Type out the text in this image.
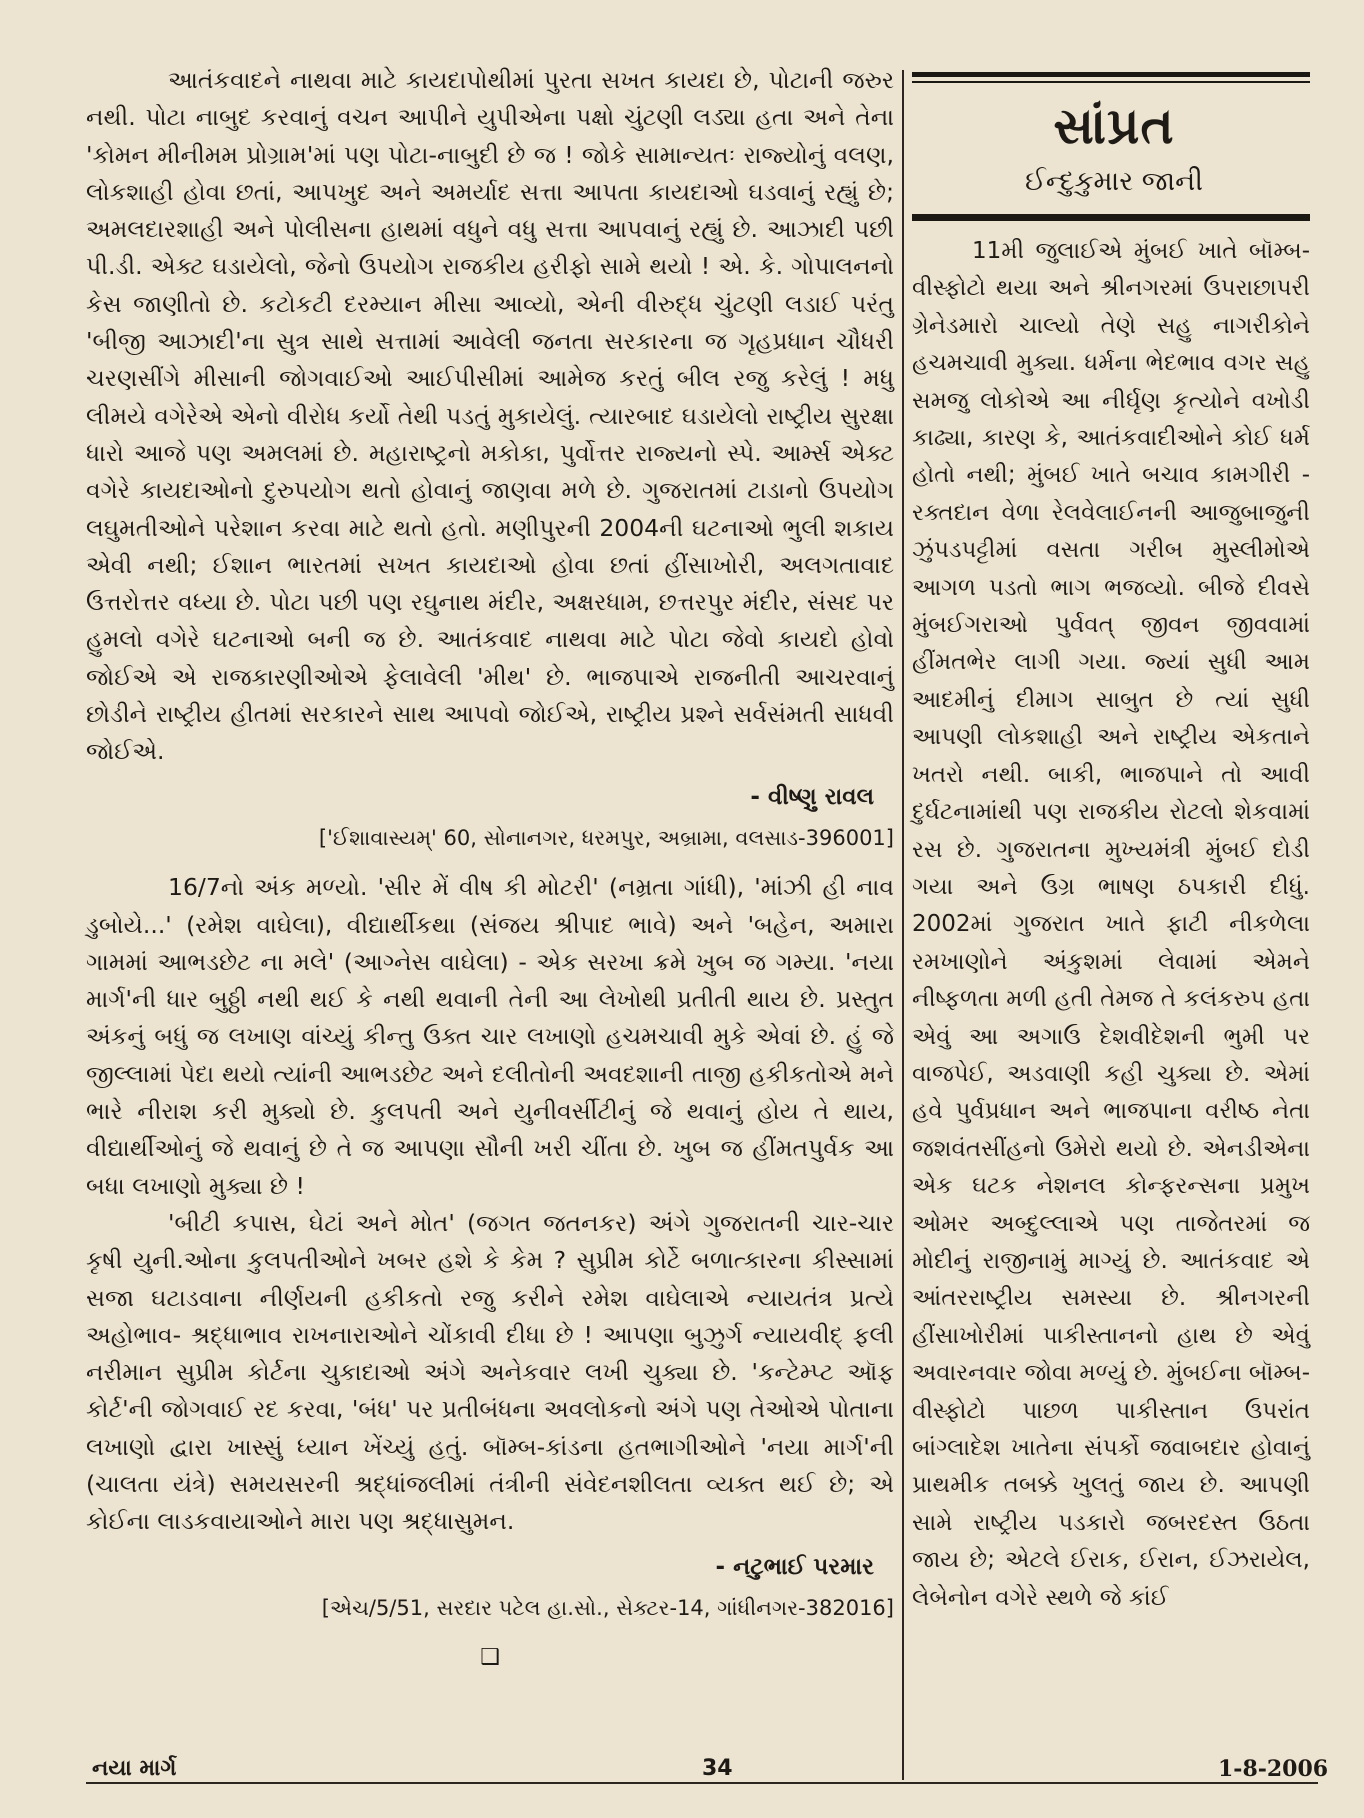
આતંકવાદને નાથવા માટે કાયદાપોથીમાં પુરતા સખત કાયદા છે, પોટાની જરુર નથી. પોટા નાબુદ કરવાનું વચન આપીને યુપીએના પક્ષો ચુંટણી લડ્યા હતા અને તેના 'કોમન મીનીમમ પ્રોગ્રામ'માં પણ પોટા-નાબુદી છે જ ! જોકે સામાન્યતઃ રાજ્યોનું વલણ, લોકશાહી હોવા છતાં, આપખુદ અને અમર્યાદ સત્તા આપતા કાયદાઓ ઘડવાનું રહ્યું છે; અમલદારશાહી અને પોલીસના હાથમાં વધુને વધુ સત્તા આપવાનું રહ્યું છે. આઝાદી પછી પી.ડી. એક્ટ ઘડાયેલો, જેનો ઉપયોગ રાજકીય હરીફો સામે થયો ! એ. કે. ગોપાલનનો કેસ જાણીતો છે. કટોકટી દરમ્યાન મીસા આવ્યો, એની વીરુદ્ધ ચુંટણી લડાઈ પરંતુ 'બીજી આઝાદી'ના સુત્ર સાથે સત્તામાં આવેલી જનતા સરકારના જ ગૃહપ્રધાન ચૌધરી ચરણસીંગે મીસાની જોગવાઈઓ આઈપીસીમાં આમેજ કરતું બીલ રજુ કરેલું ! મધુ લીમયે વગેરેએ એનો વીરોધ કર્યો તેથી પડતું મુકાયેલું. ત્યારબાદ ઘડાયેલો રાષ્ટ્રીય સુરક્ષા ધારો આજે પણ અમલમાં છે. મહારાષ્ટ્રનો મકોકા, પુર્વોત્તર રાજ્યનો સ્પે. આર્મ્સ એક્ટ વગેરે કાયદાઓનો દુરુપયોગ થતો હોવાનું જાણવા મળે છે. ગુજરાતમાં ટાડાનો ઉપયોગ લઘુમતીઓને પરેશાન કરવા માટે થતો હતો. મણીપુરની 2004ની ઘટનાઓ ભુલી શકાય એવી નથી; ઈશાન ભારતમાં સખત કાયદાઓ હોવા છતાં હીંસાખોરી, અલગતાવાદ ઉત્તરોત્તર વધ્યા છે. પોટા પછી પણ રઘુનાથ મંદીર, અક્ષરધામ, છત્તરપુર મંદીર, સંસદ પર હુમલો વગેરે ઘટનાઓ બની જ છે. આતંકવાદ નાથવા માટે પોટા જેવો કાયદો હોવો જોઈએ એ રાજકારણીઓએ ફેલાવેલી 'મીથ' છે. ભાજપાએ રાજનીતી આચરવાનું છોડીને રાષ્ટ્રીય હીતમાં સરકારને સાથ આપવો જોઈએ, રાષ્ટ્રીય પ્રશ્ને સર્વસંમતી સાધવી જોઈએ.

- વીષ્ણુ રાવલ
['ઈશાવાસ્યમ્' 60, સોનાનગર, ધરમપુર, અબ્રામા, વલસાડ-396001]

16/7નો અંક મળ્યો. 'સીર મેં વીષ કી મોટરી' (નમ્રતા ગાંધી), 'માંઝી હી નાવ ડુબોયે...' (રમેશ વાઘેલા), વીદ્યાર્થીકથા (સંજય શ્રીપાદ ભાવે) અને 'બહેન, અમારા ગામમાં આભડછેટ ના મલે' (આગ્નેસ વાઘેલા) - એક સરખા ક્રમે ખુબ જ ગમ્યા. 'નયા માર્ગ'ની ધાર બુઠ્ઠી નથી થઈ કે નથી થવાની તેની આ લેખોથી પ્રતીતી થાય છે. પ્રસ્તુત અંકનું બધું જ લખાણ વાંચ્યું કીન્તુ ઉક્ત ચાર લખાણો હચમચાવી મુકે એવાં છે. હું જે જીલ્લામાં પેદા થયો ત્યાંની આભડછેટ અને દલીતોની અવદશાની તાજી હકીકતોએ મને ભારે નીરાશ કરી મુક્યો છે. કુલપતી અને યુનીવર્સીટીનું જે થવાનું હોય તે થાય, વીદ્યાર્થીઓનું જે થવાનું છે તે જ આપણા સૌની ખરી ચીંતા છે. ખુબ જ હીંમતપુર્વક આ બધા લખાણો મુક્યા છે !

'બીટી કપાસ, ઘેટાં અને મોત' (જગત જતનકર) અંગે ગુજરાતની ચાર-ચાર કૃષી યુની.ઓના કુલપતીઓને ખબર હશે કે કેમ ? સુપ્રીમ કોર્ટે બળાત્કારના કીસ્સામાં સજા ઘટાડવાના નીર્ણયની હકીકતો રજુ કરીને રમેશ વાઘેલાએ ન્યાયતંત્ર પ્રત્યે અહોભાવ- શ્રદ્ધાભાવ રાખનારાઓને ચોંકાવી દીધા છે ! આપણા બુઝુર્ગ ન્યાયવીદ્ ફલી નરીમાન સુપ્રીમ કોર્ટના ચુકાદાઓ અંગે અનેકવાર લખી ચુક્યા છે. 'કન્ટેમ્પ્ટ ઑફ કોર્ટ'ની જોગવાઈ રદ કરવા, 'બંધ' પર પ્રતીબંધના અવલોકનો અંગે પણ તેઓએ પોતાના લખાણો દ્વારા ખાસ્સું ધ્યાન ખેંચ્યું હતું. બૉમ્બ-કાંડના હતભાગીઓને 'નયા માર્ગ'ની (ચાલતા યંત્રે) સમયસરની શ્રદ્ધાંજલીમાં તંત્રીની સંવેદનશીલતા વ્યક્ત થઈ છે; એ કોઈના લાડકવાયાઓને મારા પણ શ્રદ્ધાસુમન.

- નટુભાઈ પરમાર
[એચ/5/51, સરદાર પટેલ હા.સો., સેક્ટર-14, ગાંધીનગર-382016]
❑
સાંપ્રત
ઈન્દુકુમાર જાની

11મી જુલાઈએ મુંબઈ ખાતે બૉમ્બ-વીસ્ફોટો થયા અને શ્રીનગરમાં ઉપરાછાપરી ગ્રેનેડમારો ચાલ્યો તેણે સહુ નાગરીકોને હચમચાવી મુક્યા. ધર્મના ભેદભાવ વગર સહુ સમજુ લોકોએ આ નીર્ઘૃણ કૃત્યોને વખોડી કાઢ્યા, કારણ કે, આતંકવાદીઓને કોઈ ધર્મ હોતો નથી; મુંબઈ ખાતે બચાવ કામગીરી - રક્તદાન વેળા રેલવેલાઈનની આજુબાજુની ઝુંપડપટ્ટીમાં વસતા ગરીબ મુસ્લીમોએ આગળ પડતો ભાગ ભજવ્યો. બીજે દીવસે મુંબઈગરાઓ પુર્વવત્ જીવન જીવવામાં હીંમતભેર લાગી ગયા. જ્યાં સુધી આમ આદમીનું દીમાગ સાબુત છે ત્યાં સુધી આપણી લોકશાહી અને રાષ્ટ્રીય એકતાને ખતરો નથી. બાકી, ભાજપાને તો આવી દુર્ઘટનામાંથી પણ રાજકીય રોટલો શેકવામાં રસ છે. ગુજરાતના મુખ્યમંત્રી મુંબઈ દોડી ગયા અને ઉગ્ર ભાષણ ઠપકારી દીધું. 2002માં ગુજરાત ખાતે ફાટી નીકળેલા રમખાણોને અંકુશમાં લેવામાં એમને નીષ્ફળતા મળી હતી તેમજ તે કલંકરુપ હતા એવું આ અગાઉ દેશવીદેશની ભુમી પર વાજપેઈ, અડવાણી કહી ચુક્યા છે. એમાં હવે પુર્વપ્રધાન અને ભાજપાના વરીષ્ઠ નેતા જશવંતસીંહનો ઉમેરો થયો છે. એનડીએના એક ઘટક નેશનલ કોન્ફરન્સના પ્રમુખ ઓમર અબ્દુલ્લાએ પણ તાજેતરમાં જ મોદીનું રાજીનામું માગ્યું છે. આતંકવાદ એ આંતરરાષ્ટ્રીય સમસ્યા છે. શ્રીનગરની હીંસાખોરીમાં પાકીસ્તાનનો હાથ છે એવું અવારનવાર જોવા મળ્યું છે. મુંબઈના બૉમ્બ-વીસ્ફોટો પાછળ પાકીસ્તાન ઉપરાંત બાંગ્લાદેશ ખાતેના સંપર્કો જવાબદાર હોવાનું પ્રાથમીક તબક્કે ખુલતું જાય છે. આપણી સામે રાષ્ટ્રીય પડકારો જબરદસ્ત ઉઠતા જાય છે; એટલે ઈરાક, ઈરાન, ઈઝરાયેલ, લેબેનોન વગેરે સ્થળે જે કાંઈ

નયા માર્ગ	34	1-8-2006
